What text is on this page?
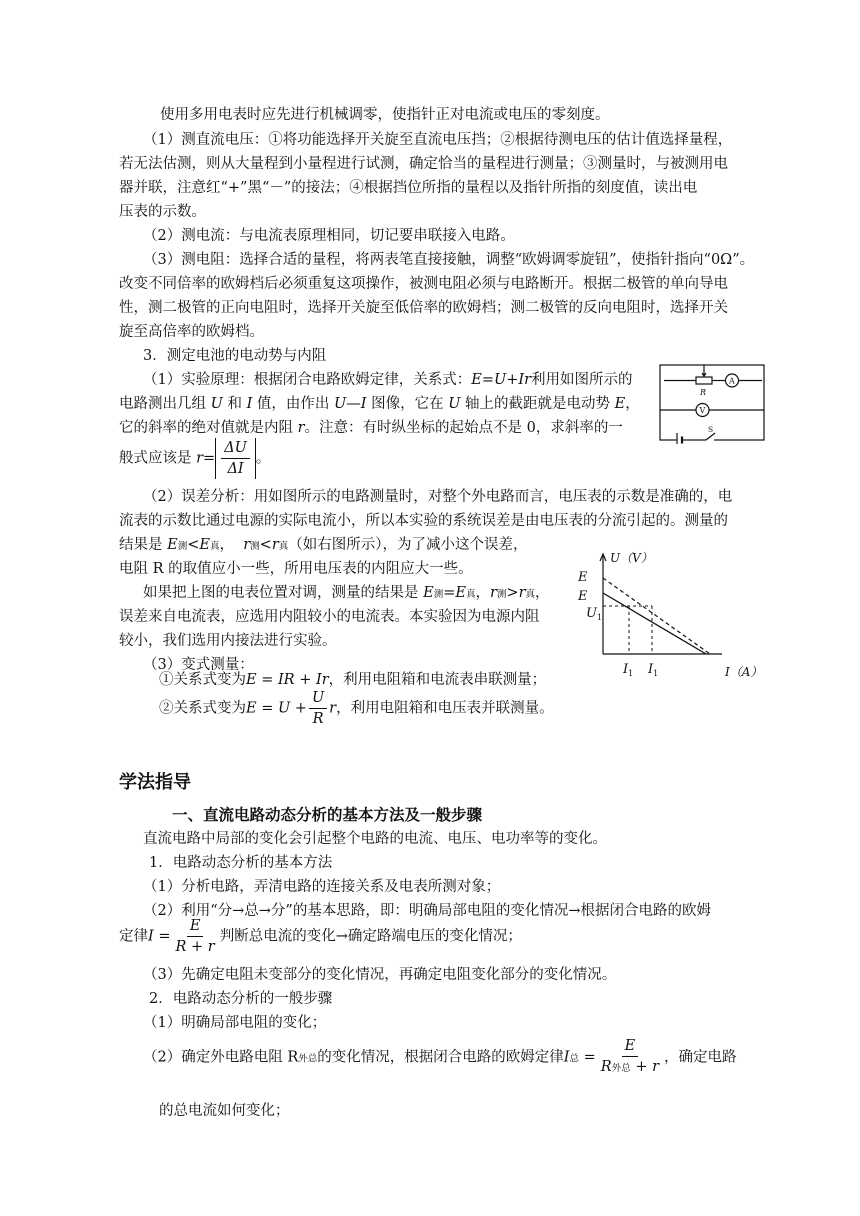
使用多用电表时应先进行机械调零，使指针正对电流或电压的零刻度。
（1）测直流电压：①将功能选择开关旋至直流电压挡；②根据待测电压的估计值选择量程，
若无法估测，则从大量程到小量程进行试测，确定恰当的量程进行测量；③测量时，与被测用电
器并联，注意红“+”黑“－”的接法；④根据挡位所指的量程以及指针所指的刻度值，读出电
压表的示数。
（2）测电流：与电流表原理相同，切记要串联接入电路。
（3）测电阻：选择合适的量程，将两表笔直接接触，调整“欧姆调零旋钮”，使指针指向“0Ω”。
改变不同倍率的欧姆档后必须重复这项操作，被测电阻必须与电路断开。根据二极管的单向导电
性，测二极管的正向电阻时，选择开关旋至低倍率的欧姆档；测二极管的反向电阻时，选择开关
旋至高倍率的欧姆档。
3．测定电池的电动势与内阻
（1）实验原理：根据闭合电路欧姆定律，关系式：E=U+Ir利用如图所示的
电路测出几组 U 和 I 值，由作出 U—I 图像，它在 U 轴上的截距就是电动势 E，
它的斜率的绝对值就是内阻 r。注意：有时纵坐标的起始点不是 0，求斜率的一
般式应该是 $r= \frac{\Delta U}{\Delta I}$ 。
R
A
V
S
（2）误差分析：用如图所示的电路测量时，对整个外电路而言，电压表的示数是准确的，电
流表的示数比通过电源的实际电流小，所以本实验的系统误差是由电压表的分流引起的。测量的
结果是 E测<E真， r测<r真（如右图所示），为了减小这个误差，
电阻 R 的取值应小一些，所用电压表的内阻应大一些。
如果把上图的电表位置对调，测量的结果是 E测=E真，r测>r真，
误差来自电流表，应选用内阻较小的电流表。本实验因为电源内阻
较小，我们选用内接法进行实验。
U（V）
E
E
$U_1$
$I_1$ $I_1$	I（A）
（3）变式测量：
①关系式变为E = IR + Ir，利用电阻箱和电流表串联测量；
②关系式变为$E = U + \frac{U}{R}$ r，利用电阻箱和电压表并联测量。
学法指导
一、直流电路动态分析的基本方法及一般步骤
直流电路中局部的变化会引起整个电路的电流、电压、电功率等的变化。
1．电路动态分析的基本方法
（1）分析电路，弄清电路的连接关系及电表所测对象；
（2）利用“分→总→分”的基本思路，即：明确局部电阻的变化情况→根据闭合电路的欧姆
定律$I = \frac{E}{R + r}$ 判断总电流的变化→确定路端电压的变化情况；
（3）先确定电阻未变部分的变化情况，再确定电阻变化部分的变化情况。
2．电路动态分析的一般步骤
（1）明确局部电阻的变化；
（2）确定外电路电阻 R外总的变化情况，根据闭合电路的欧姆定律I总 = $\frac{E}{\text{R外总 + r}}$ ，确定电路
的总电流如何变化；
